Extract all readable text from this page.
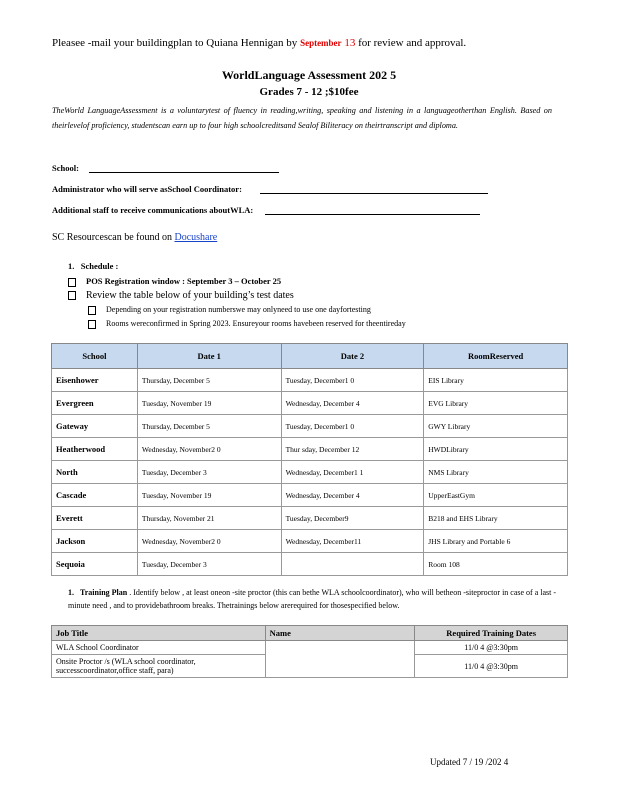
Pleasee -mail your buildingplan to Quiana Hennigan by September 13 for review and approval.
WorldLanguage Assessment 202 5
Grades 7 - 12 ;$10fee
TheWorld LanguageAssessment is a voluntarytest of fluency in reading,writing, speaking and listening in a languageotherthan English. Based on theirlevelof proficiency, studentscan earn up to four high schoolcreditsand Sealof Biliteracy on theirtranscript and diploma.
School:
Administrator who will serve asSchool Coordinator:
Additional staff to receive communications aboutWLA:
SC Resourcescan be found on Docushare
1. Schedule :
POS Registration window : September 3 – October 25
Review the table below of your building’s test dates
Depending on your registration numberswe may onlyneed to use one dayfortesting
Rooms wereconfirmed in Spring 2023. Ensureyour rooms havebeen reserved for theentireday
School	Date 1	Date 2	RoomReserved
Eisenhower	Thursday, December 5	Tuesday, December1 0	EIS Library
Evergreen	Tuesday, November 19	Wednesday, December 4	EVG Library
Gateway	Thursday, December 5	Tuesday, December1 0	GWY Library
Heatherwood	Wednesday, November2 0	Thur sday, December 12	HWDLibrary
North	Tuesday, December 3	Wednesday, December1 1	NMS Library
Cascade	Tuesday, November 19	Wednesday, December 4	UpperEastGym
Everett	Thursday, November 21	Tuesday, December9	B218 and EHS Library
Jackson	Wednesday, November2 0	Wednesday, December11	JHS Library and Portable 6
Sequoia	Tuesday, December 3		Room 108
1. Training Plan . Identify below , at least oneon -site proctor (this can bethe WLA schoolcoordinator), who will betheon -siteproctor in case of a last -minute need , and to providebathroom breaks. Thetrainings below arerequired for thosespecified below.
Job Title	Name	Required Training Dates
WLA School Coordinator		11/0 4 @3:30pm
Onsite Proctor /s (WLA school coordinator, successcoordinator,office staff, para)		11/0 4 @3:30pm
Updated 7 / 19 /202 4
